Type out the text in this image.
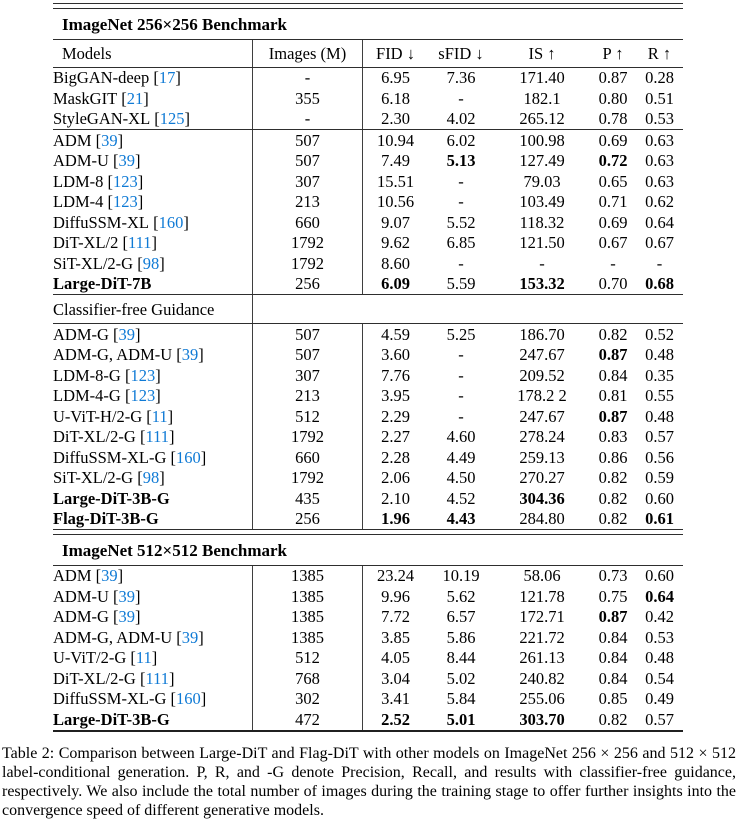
ImageNet 256×256 Benchmark
Models	Images (M)	FID ↓	sFID ↓	IS ↑	P ↑	R ↑
BigGAN-deep [17]	-	6.95	7.36	171.40	0.87	0.28
MaskGIT [21]	355	6.18	-	182.1	0.80	0.51
StyleGAN-XL [125]	-	2.30	4.02	265.12	0.78	0.53
ADM [39]	507	10.94	6.02	100.98	0.69	0.63
ADM-U [39]	507	7.49	5.13	127.49	0.72	0.63
LDM-8 [123]	307	15.51	-	79.03	0.65	0.63
LDM-4 [123]	213	10.56	-	103.49	0.71	0.62
DiffuSSM-XL [160]	660	9.07	5.52	118.32	0.69	0.64
DiT-XL/2 [111]	1792	9.62	6.85	121.50	0.67	0.67
SiT-XL/2-G [98]	1792	8.60	-	-	-	-
Large-DiT-7B	256	6.09	5.59	153.32	0.70	0.68
Classifier-free Guidance
ADM-G [39]	507	4.59	5.25	186.70	0.82	0.52
ADM-G, ADM-U [39]	507	3.60	-	247.67	0.87	0.48
LDM-8-G [123]	307	7.76	-	209.52	0.84	0.35
LDM-4-G [123]	213	3.95	-	178.2 2	0.81	0.55
U-ViT-H/2-G [11]	512	2.29	-	247.67	0.87	0.48
DiT-XL/2-G [111]	1792	2.27	4.60	278.24	0.83	0.57
DiffuSSM-XL-G [160]	660	2.28	4.49	259.13	0.86	0.56
SiT-XL/2-G [98]	1792	2.06	4.50	270.27	0.82	0.59
Large-DiT-3B-G	435	2.10	4.52	304.36	0.82	0.60
Flag-DiT-3B-G	256	1.96	4.43	284.80	0.82	0.61
ImageNet 512×512 Benchmark
ADM [39]	1385	23.24	10.19	58.06	0.73	0.60
ADM-U [39]	1385	9.96	5.62	121.78	0.75	0.64
ADM-G [39]	1385	7.72	6.57	172.71	0.87	0.42
ADM-G, ADM-U [39]	1385	3.85	5.86	221.72	0.84	0.53
U-ViT/2-G [11]	512	4.05	8.44	261.13	0.84	0.48
DiT-XL/2-G [111]	768	3.04	5.02	240.82	0.84	0.54
DiffuSSM-XL-G [160]	302	3.41	5.84	255.06	0.85	0.49
Large-DiT-3B-G	472	2.52	5.01	303.70	0.82	0.57

Table 2: Comparison between Large-DiT and Flag-DiT with other models on ImageNet 256 × 256 and 512 × 512 label-conditional generation. P, R, and -G denote Precision, Recall, and results with classifier-free guidance, respectively. We also include the total number of images during the training stage to offer further insights into the convergence speed of different generative models.
